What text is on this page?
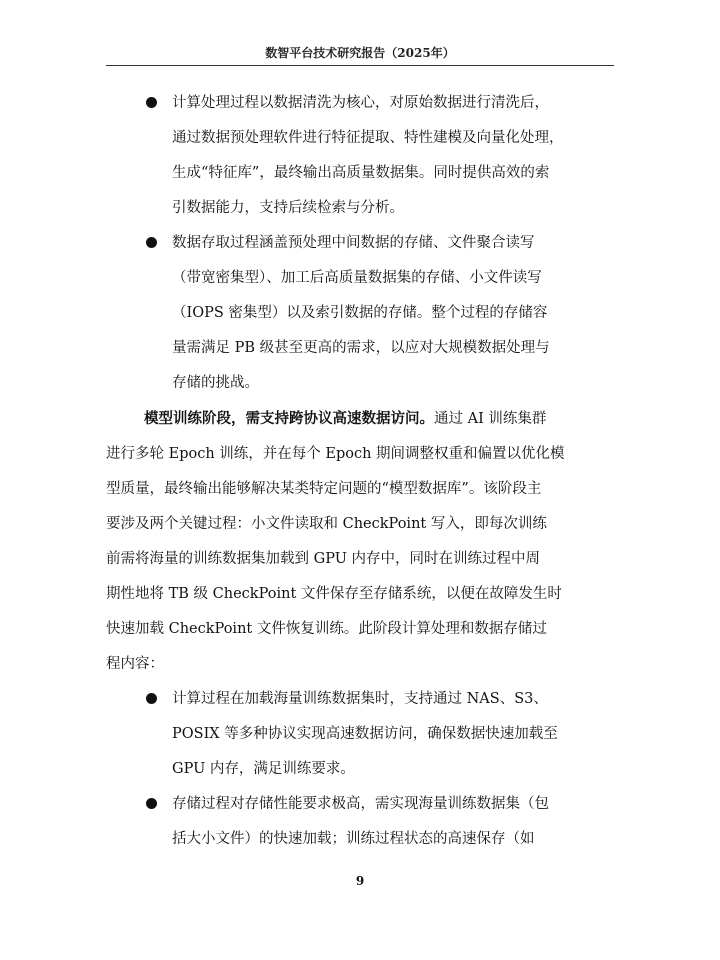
数智平台技术研究报告（2025年）
计算处理过程以数据清洗为核心，对原始数据进行清洗后，
通过数据预处理软件进行特征提取、特性建模及向量化处理，
生成“特征库”，最终输出高质量数据集。同时提供高效的索
引数据能力，支持后续检索与分析。
数据存取过程涵盖预处理中间数据的存储、文件聚合读写
（带宽密集型）、加工后高质量数据集的存储、小文件读写
（IOPS 密集型）以及索引数据的存储。整个过程的存储容
量需满足 PB 级甚至更高的需求，以应对大规模数据处理与
存储的挑战。
模型训练阶段，需支持跨协议高速数据访问。通过 AI 训练集群
进行多轮 Epoch 训练，并在每个 Epoch 期间调整权重和偏置以优化模
型质量，最终输出能够解决某类特定问题的“模型数据库”。该阶段主
要涉及两个关键过程：小文件读取和 CheckPoint 写入，即每次训练
前需将海量的训练数据集加载到 GPU 内存中，同时在训练过程中周
期性地将 TB 级 CheckPoint 文件保存至存储系统，以便在故障发生时
快速加载 CheckPoint 文件恢复训练。此阶段计算处理和数据存储过
程内容：
计算过程在加载海量训练数据集时，支持通过 NAS、S3、
POSIX 等多种协议实现高速数据访问，确保数据快速加载至
GPU 内存，满足训练要求。
存储过程对存储性能要求极高，需实现海量训练数据集（包
括大小文件）的快速加载；训练过程状态的高速保存（如
9
